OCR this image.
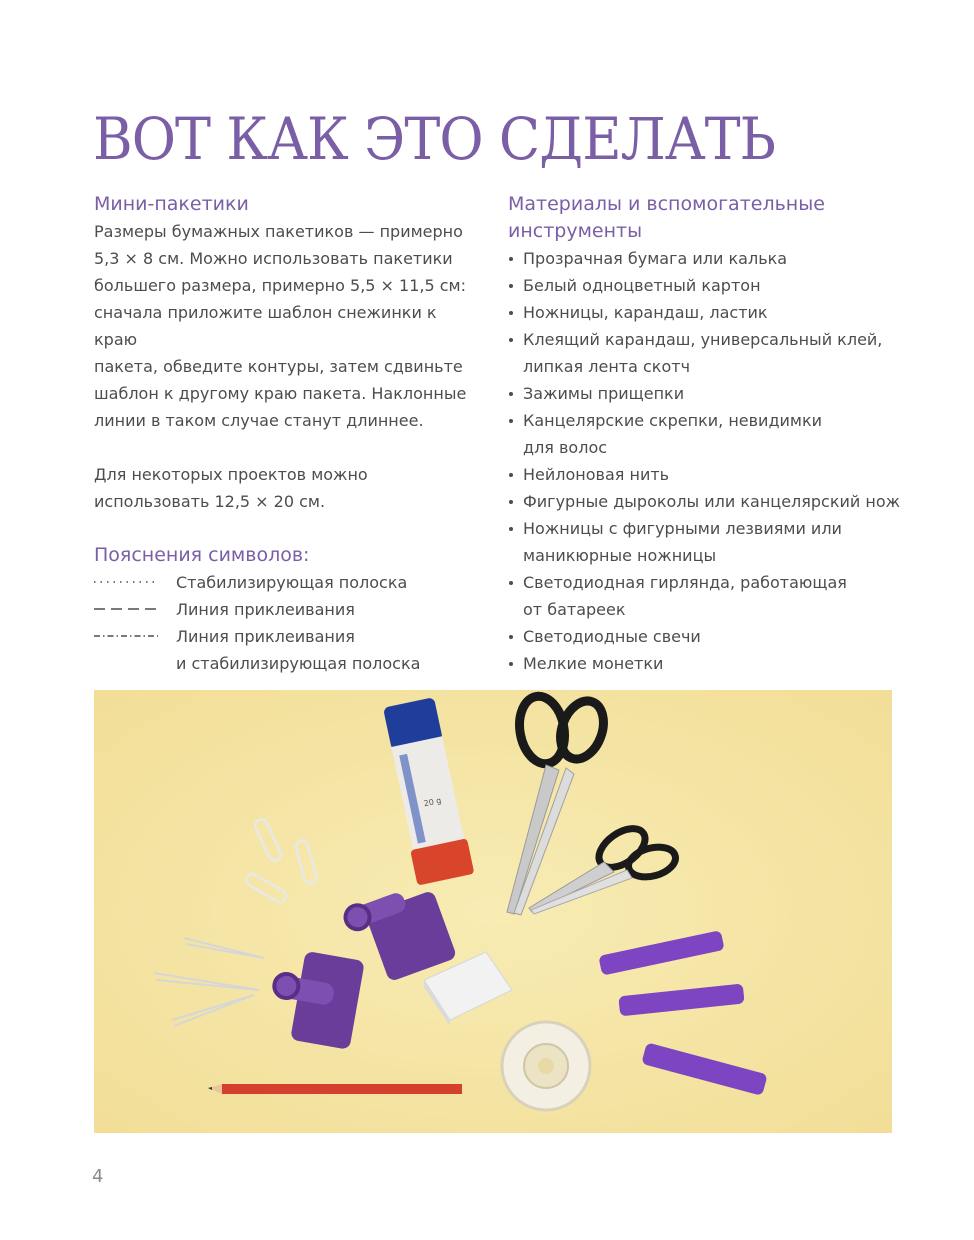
ВОТ КАК ЭТО СДЕЛАТЬ
Мини-пакетики

Размеры бумажных пакетиков — примерно

5,3 × 8 см. Можно использовать пакетики

большего размера, примерно 5,5 × 11,5 см:

сначала приложите шаблон снежинки к краю

пакета, обведите контуры, затем сдвиньте

шаблон к другому краю пакета. Наклонные

линии в таком случае станут длиннее.

Для некоторых проектов можно

использовать 12,5 × 20 см.

Пояснения символов:
Стабилизирующая полоска
Линия приклеивания
Линия приклеивания
и стабилизирующая полоска
Материалы и вспомогательные
инструменты
Прозрачная бумага или калька
Белый одноцветный картон
Ножницы, карандаш, ластик
Клеящий карандаш, универсальный клей,
липкая лента скотч
Зажимы прищепки
Канцелярские скрепки, невидимки
для волос
Нейлоновая нить
Фигурные дыроколы или канцелярский нож
Ножницы с фигурными лезвиями или
маникюрные ножницы
Светодиодная гирлянда, работающая
от батареек
Светодиодные свечи
Мелкие монетки
20 g
4
